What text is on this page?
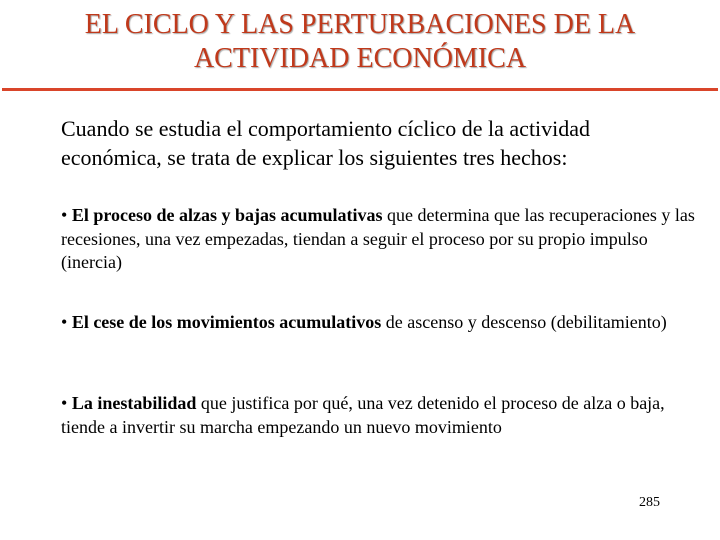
EL CICLO Y LAS PERTURBACIONES DE LA
ACTIVIDAD ECONÓMICA

Cuando se estudia el comportamiento cíclico de la actividad económica, se trata de explicar los siguientes tres hechos:

• El proceso de alzas y bajas acumulativas que determina que las recuperaciones y las recesiones, una vez empezadas, tiendan a seguir el proceso por su propio impulso (inercia)

• El cese de los movimientos acumulativos de ascenso y descenso (debilitamiento)

• La inestabilidad que justifica por qué, una vez detenido el proceso de alza o baja, tiende a invertir su marcha empezando un nuevo movimiento

285
